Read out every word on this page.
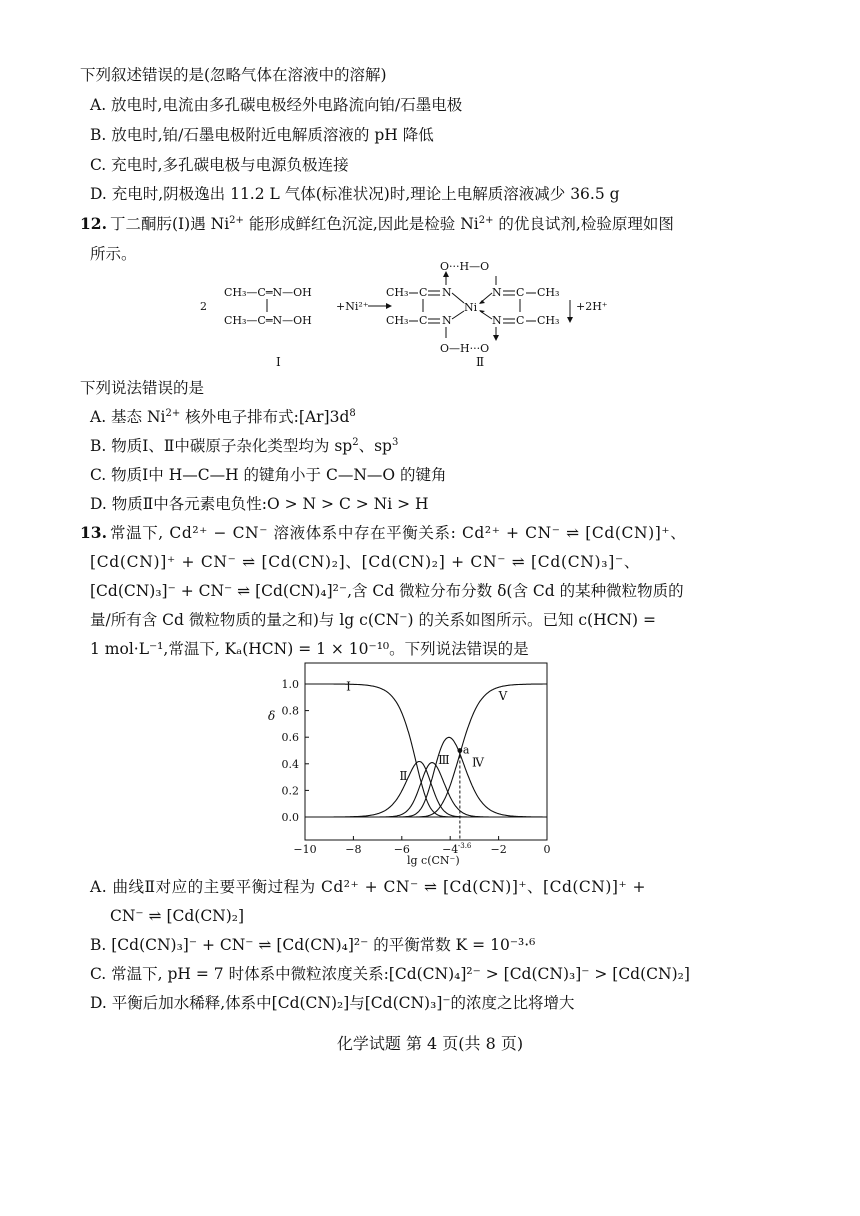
下列叙述错误的是(忽略气体在溶液中的溶解)
A. 放电时,电流由多孔碳电极经外电路流向铂/石墨电极
B. 放电时,铂/石墨电极附近电解质溶液的 pH 降低
C. 充电时,多孔碳电极与电源负极连接
D. 充电时,阴极逸出 11.2 L 气体(标准状况)时,理论上电解质溶液减少 36.5 g
12. 丁二酮肟(Ⅰ)遇 $Ni^{2+}$ 能形成鲜红色沉淀,因此是检验 $Ni^{2+}$ 的优良试剂,检验原理如图
所示。
2
CH₃—C═N—OH
CH₃—C═N—OH
+Ni²⁺
CH₃
CH₃
C
C
N
N
O···H—O
O—H···O
Ni
N
N
C
C
CH₃
CH₃
+2H⁺
Ⅰ	Ⅱ
下列说法错误的是
A. 基态 $Ni^{2+}$ 核外电子排布式$:[Ar]3d^8$
B. 物质Ⅰ、Ⅱ中碳原子杂化类型均为 $sp^2$、$sp^3$
C. 物质Ⅰ中 H—C—H 的键角小于 C—N—O 的键角
D. 物质Ⅱ中各元素电负性:O > N > C > Ni > H
13. 常温下, Cd²⁺ − CN⁻ 溶液体系中存在平衡关系: Cd²⁺ + CN⁻ ⇌ [Cd(CN)]⁺、
[Cd(CN)]⁺ + CN⁻ ⇌ [Cd(CN)₂]、[Cd(CN)₂] + CN⁻ ⇌ [Cd(CN)₃]⁻、
[Cd(CN)₃]⁻ + CN⁻ ⇌ [Cd(CN)₄]²⁻,含 Cd 微粒分布分数 δ(含 Cd 的某种微粒物质的
量/所有含 Cd 微粒物质的量之和)与 lg c(CN⁻) 的关系如图所示。已知 c(HCN) =
1 mol·L⁻¹,常温下, Kₐ(HCN) = 1 × 10⁻¹⁰。下列说法错误的是
−10	−8	−6	−4	−2	0
0.0
0.2
0.4
0.6
0.8
1.0
a
Ⅰ
Ⅱ
Ⅲ Ⅳ
Ⅴ
δ
lg c(CN⁻)
-3.6
A. 曲线Ⅱ对应的主要平衡过程为 Cd²⁺ + CN⁻ ⇌ [Cd(CN)]⁺、[Cd(CN)]⁺ +
CN⁻ ⇌ [Cd(CN)₂]
B. [Cd(CN)₃]⁻ + CN⁻ ⇌ [Cd(CN)₄]²⁻ 的平衡常数 K = 10⁻³·⁶
C. 常温下, pH = 7 时体系中微粒浓度关系:[Cd(CN)₄]²⁻ > [Cd(CN)₃]⁻ > [Cd(CN)₂]
D. 平衡后加水稀释,体系中[Cd(CN)₂]与[Cd(CN)₃]⁻的浓度之比将增大
化学试题 第 4 页(共 8 页)
